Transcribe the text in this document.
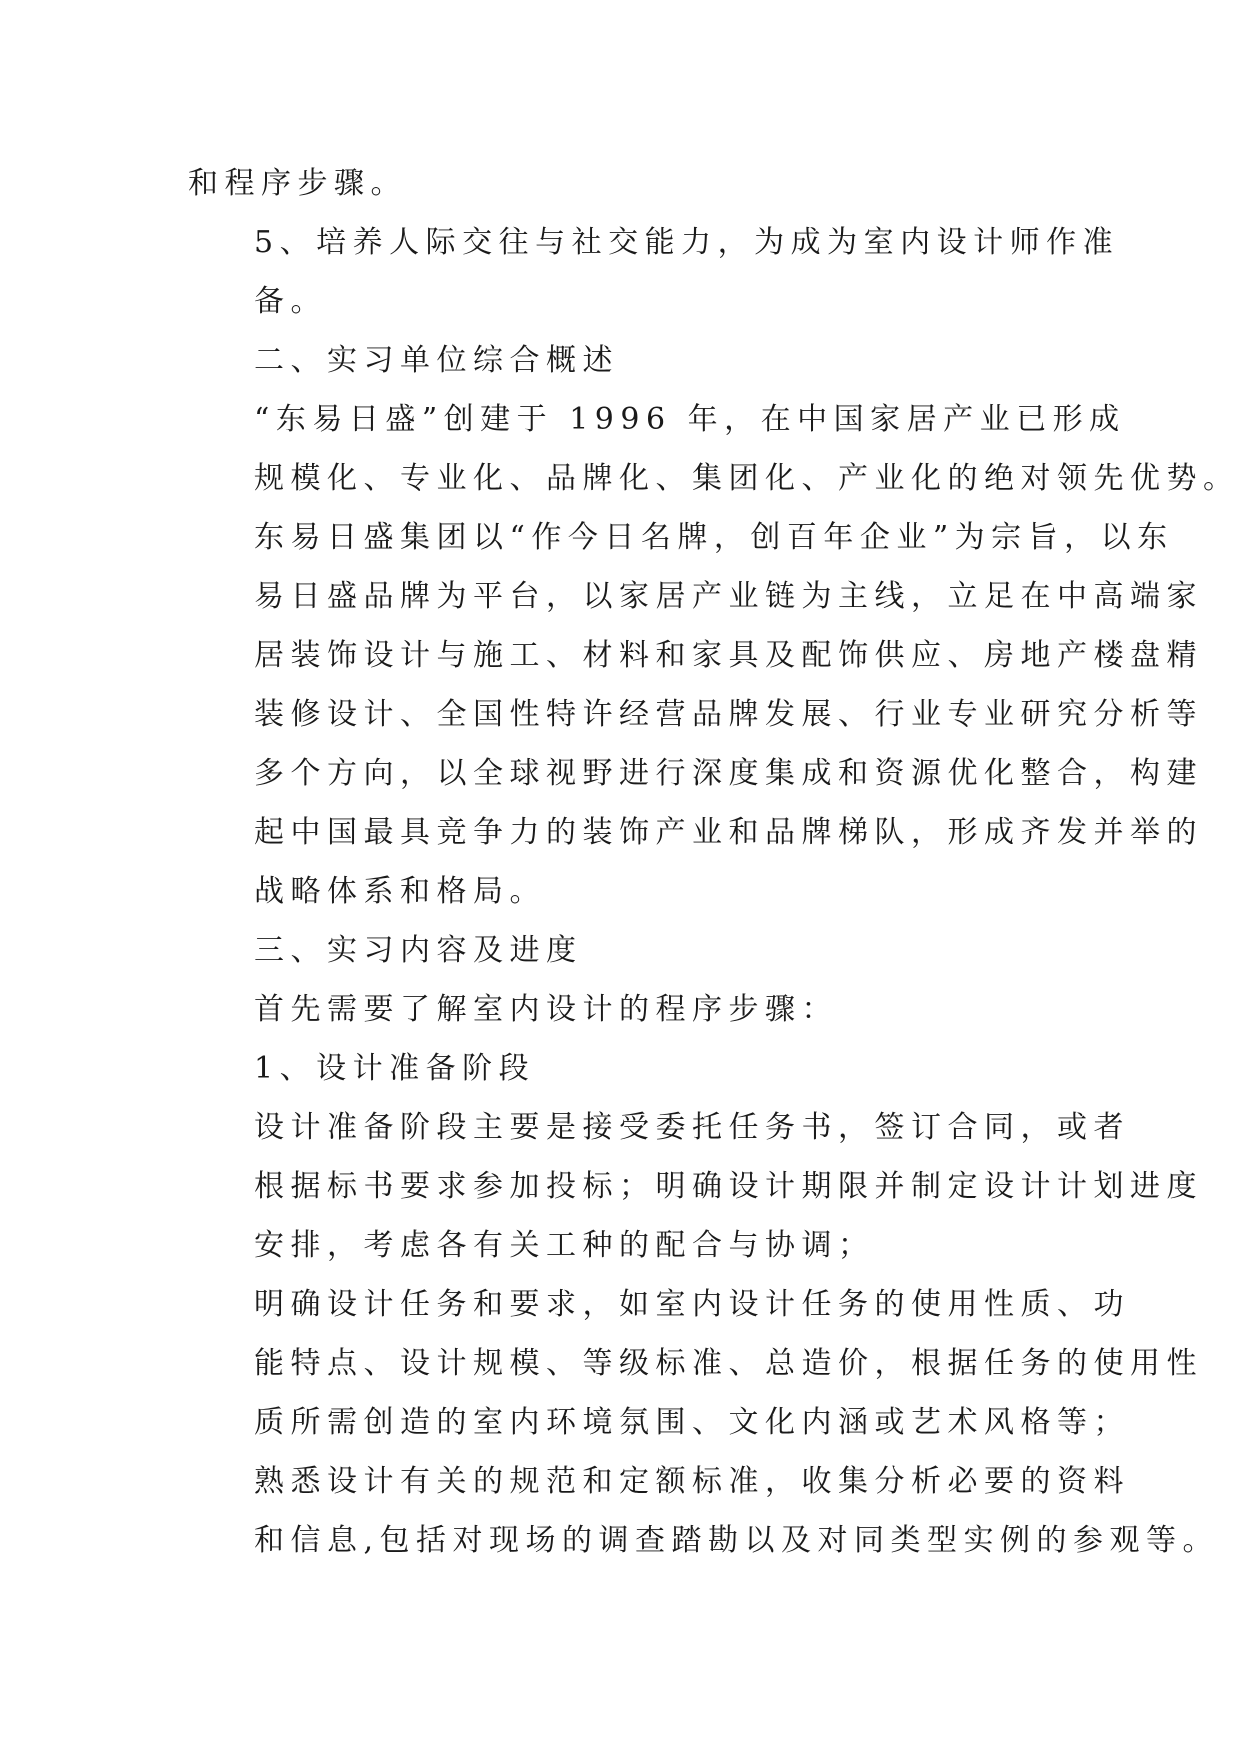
和程序步骤。

5、培养人际交往与社交能力，为成为室内设计师作准
备。

二、实习单位综合概述

“东易日盛”创建于 1996 年，在中国家居产业已形成
规模化、专业化、品牌化、集团化、产业化的绝对领先优势。
东易日盛集团以“作今日名牌，创百年企业”为宗旨，以东
易日盛品牌为平台，以家居产业链为主线，立足在中高端家
居装饰设计与施工、材料和家具及配饰供应、房地产楼盘精
装修设计、全国性特许经营品牌发展、行业专业研究分析等
多个方向，以全球视野进行深度集成和资源优化整合，构建
起中国最具竞争力的装饰产业和品牌梯队，形成齐发并举的
战略体系和格局。

三、实习内容及进度

首先需要了解室内设计的程序步骤：

1、设计准备阶段

设计准备阶段主要是接受委托任务书，签订合同，或者
根据标书要求参加投标；明确设计期限并制定设计计划进度
安排，考虑各有关工种的配合与协调；

明确设计任务和要求，如室内设计任务的使用性质、功
能特点、设计规模、等级标准、总造价，根据任务的使用性
质所需创造的室内环境氛围、文化内涵或艺术风格等；

熟悉设计有关的规范和定额标准，收集分析必要的资料
和信息,包括对现场的调查踏勘以及对同类型实例的参观等。
